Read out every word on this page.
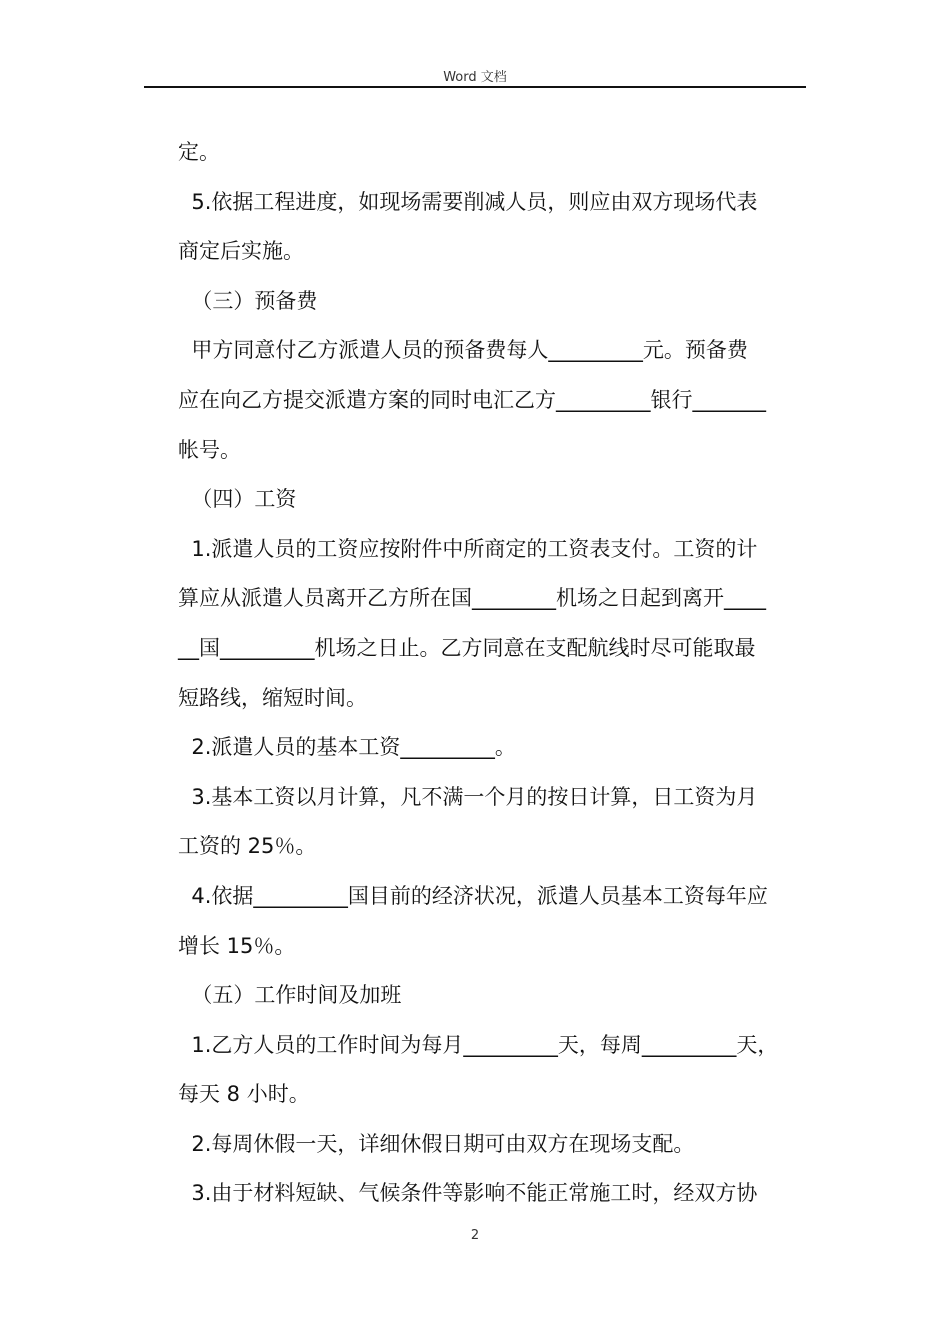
Word 文档
定。
5.依据工程进度，如现场需要削减人员，则应由双方现场代表
商定后实施。
（三）预备费
甲方同意付乙方派遣人员的预备费每人_________元。预备费
应在向乙方提交派遣方案的同时电汇乙方_________银行_______
帐号。
（四）工资
1.派遣人员的工资应按附件中所商定的工资表支付。工资的计
算应从派遣人员离开乙方所在国________机场之日起到离开____
__国_________机场之日止。乙方同意在支配航线时尽可能取最
短路线，缩短时间。
2.派遣人员的基本工资_________。
3.基本工资以月计算，凡不满一个月的按日计算，日工资为月
工资的 25％。
4.依据_________国目前的经济状况，派遣人员基本工资每年应
增长 15％。
（五）工作时间及加班
1.乙方人员的工作时间为每月_________天，每周_________天，
每天 8 小时。
2.每周休假一天，详细休假日期可由双方在现场支配。
3.由于材料短缺、气候条件等影响不能正常施工时，经双方协
2
